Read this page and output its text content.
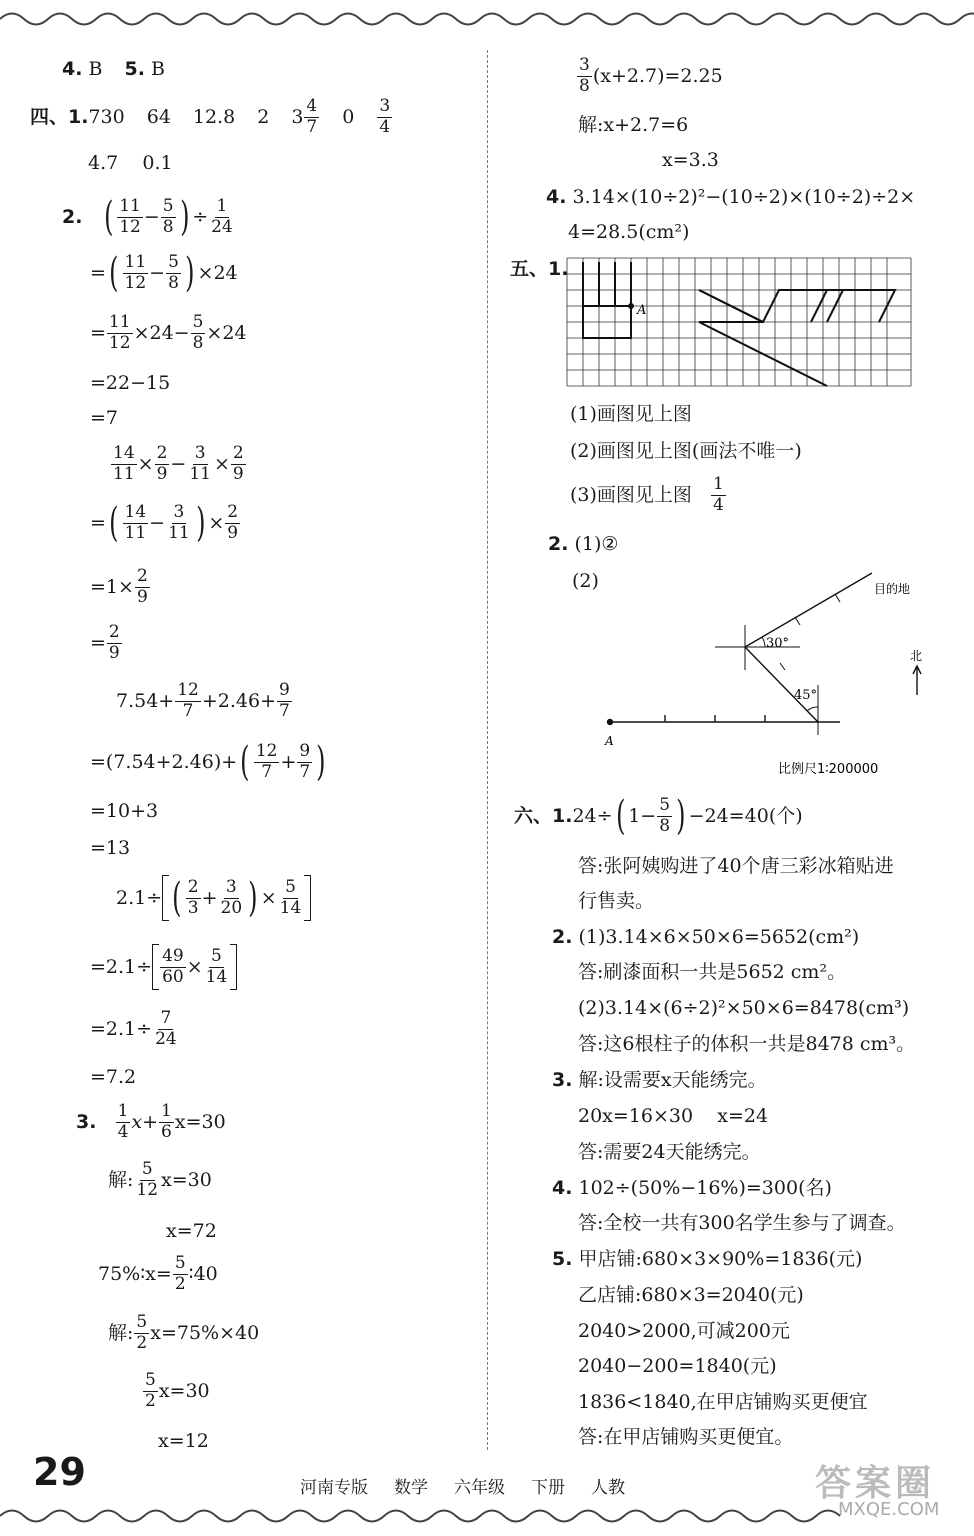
4.
B 5.
B
四、 1. 730 64 12.8 2 $3 \frac{4}{7} 0 \frac{3}{4}$
4.7    0.1
2.
( $\frac{11}{12} - \frac{5}{8}$ ) ÷ $\frac{1}{24}$
= ( $\frac{11}{12} - \frac{5}{8}$ ) ×24
= $\frac{11}{12} \times 24- \frac{5}{8} \times 24$
=22−15
=7
$\frac{14}{11} \times \frac{2}{9} - \frac{3}{11} \times \frac{2}{9}$
= ( $\frac{14}{11} - \frac{3}{11}$ ) × $\frac{2}{9}$
$=1\times \frac{2}{9}$
= $\frac{2}{9}$
$7.54+ \frac{12}{7} +2.46+ \frac{9}{7}$
=(7.54+2.46)+ ( $\frac{12}{7} + \frac{9}{7}$ )
=10+3
=13
2.1÷ ( $\frac{2}{3} + \frac{3}{20}$ ) × $\frac{5}{14}$
$=2.1\div \frac{49}{60} \times \frac{5}{14}$
$=2.1\div \frac{7}{24}$
=7.2
3.
$\frac{1}{4} x+ \frac{1}{6} x=30$
解: $\frac{5}{12} x=30$
x=72
75%∶x= $\frac{5}{2}$ ∶40
解: $\frac{5}{2} x=75\%\times 40$
$\frac{5}{2} x=30$
x=12
$\frac{3}{8} (x+2.7)=2.25$
解:x+2.7=6
x=3.3
4.
3.14×(10÷2)²−(10÷2)×(10÷2)÷2×
4=28.5(cm²)
五、 1.
A
(1)画图见上图
(2)画图见上图(画法不唯一)
(3)画图见上图
$\frac{1}{4}$
2.
(1)②
(2)	目的地
北
30°
45°
A
比例尺1∶200000
六、 1. 24÷ ( $1- \frac{5}{8}$ ) −24=40(个)
答:张阿姨购进了40个唐三彩冰箱贴进
行售卖。
2.
(1)3.14×6×50×6=5652(cm²)
答:刷漆面积一共是5652 cm²。
(2)3.14×(6÷2)²×50×6=8478(cm³)
答:这6根柱子的体积一共是8478 cm³。
3.
解:设需要x天能绣完。
20x=16×30    x=24
答:需要24天能绣完。
4.
102÷(50%−16%)=300(名)
答:全校一共有300名学生参与了调查。
5.
甲店铺:680×3×90%=1836(元)
乙店铺:680×3=2040(元)
2040>2000,可减200元
2040−200=1840(元)
1836<1840,在甲店铺购买更便宜
答:在甲店铺购买更便宜。
29	河南专版 数学 六年级 下册 人教	答案圈
MXQE.COM
